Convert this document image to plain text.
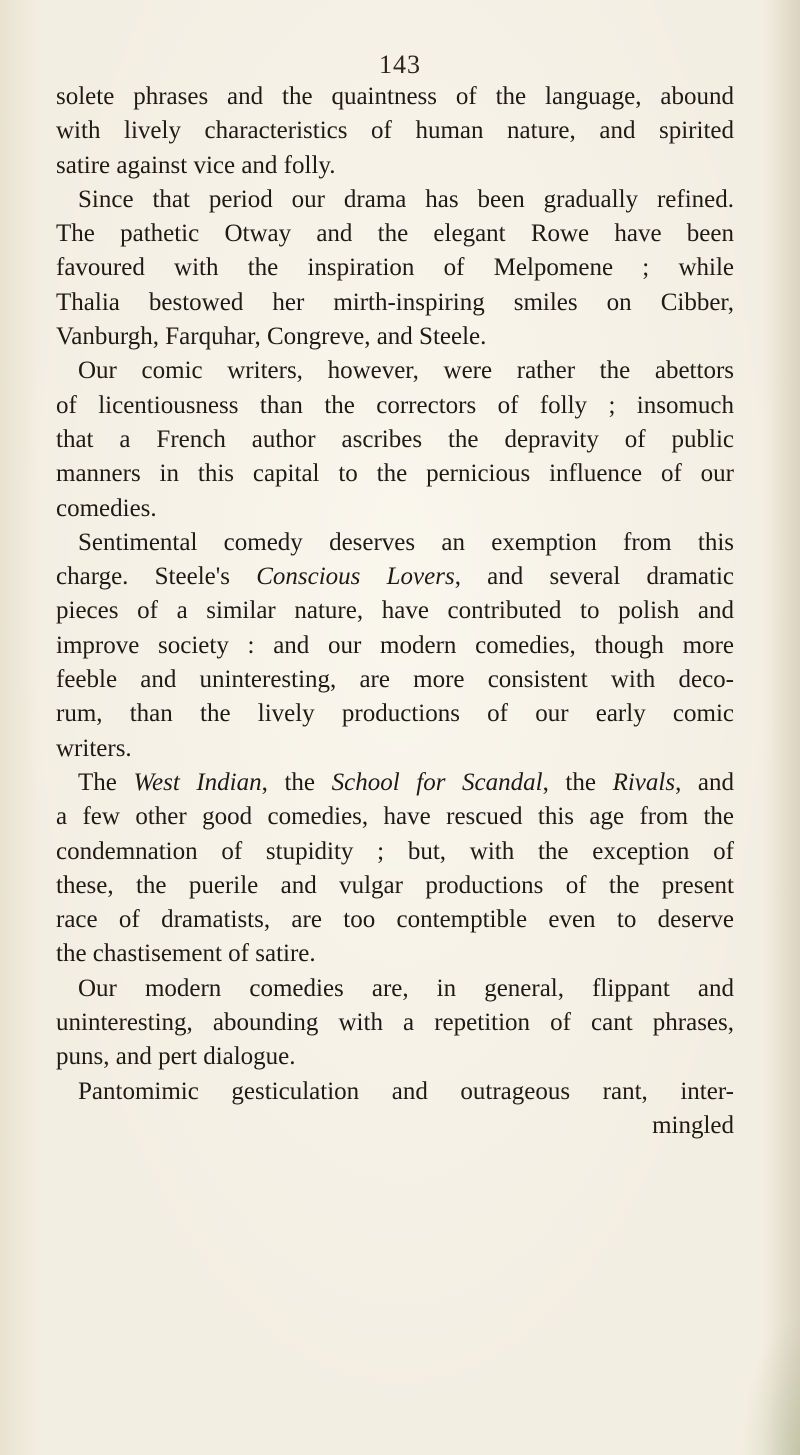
143
solete phrases and the quaintness of the language, abound
with lively characteristics of human nature, and spirited
satire against vice and folly.
Since that period our drama has been gradually refined.
The pathetic Otway and the elegant Rowe have been
favoured with the inspiration of Melpomene ; while
Thalia bestowed her mirth-inspiring smiles on Cibber,
Vanburgh, Farquhar, Congreve, and Steele.
Our comic writers, however, were rather the abettors
of licentiousness than the correctors of folly ; insomuch
that a French author ascribes the depravity of public
manners in this capital to the pernicious influence of our
comedies.
Sentimental comedy deserves an exemption from this
charge. Steele's Conscious Lovers, and several dramatic
pieces of a similar nature, have contributed to polish and
improve society : and our modern comedies, though more
feeble and uninteresting, are more consistent with deco-
rum, than the lively productions of our early comic
writers.
The West Indian, the School for Scandal, the Rivals, and
a few other good comedies, have rescued this age from the
condemnation of stupidity ; but, with the exception of
these, the puerile and vulgar productions of the present
race of dramatists, are too contemptible even to deserve
the chastisement of satire.
Our modern comedies are, in general, flippant and
uninteresting, abounding with a repetition of cant phrases,
puns, and pert dialogue.
Pantomimic gesticulation and outrageous rant, inter-
mingled
